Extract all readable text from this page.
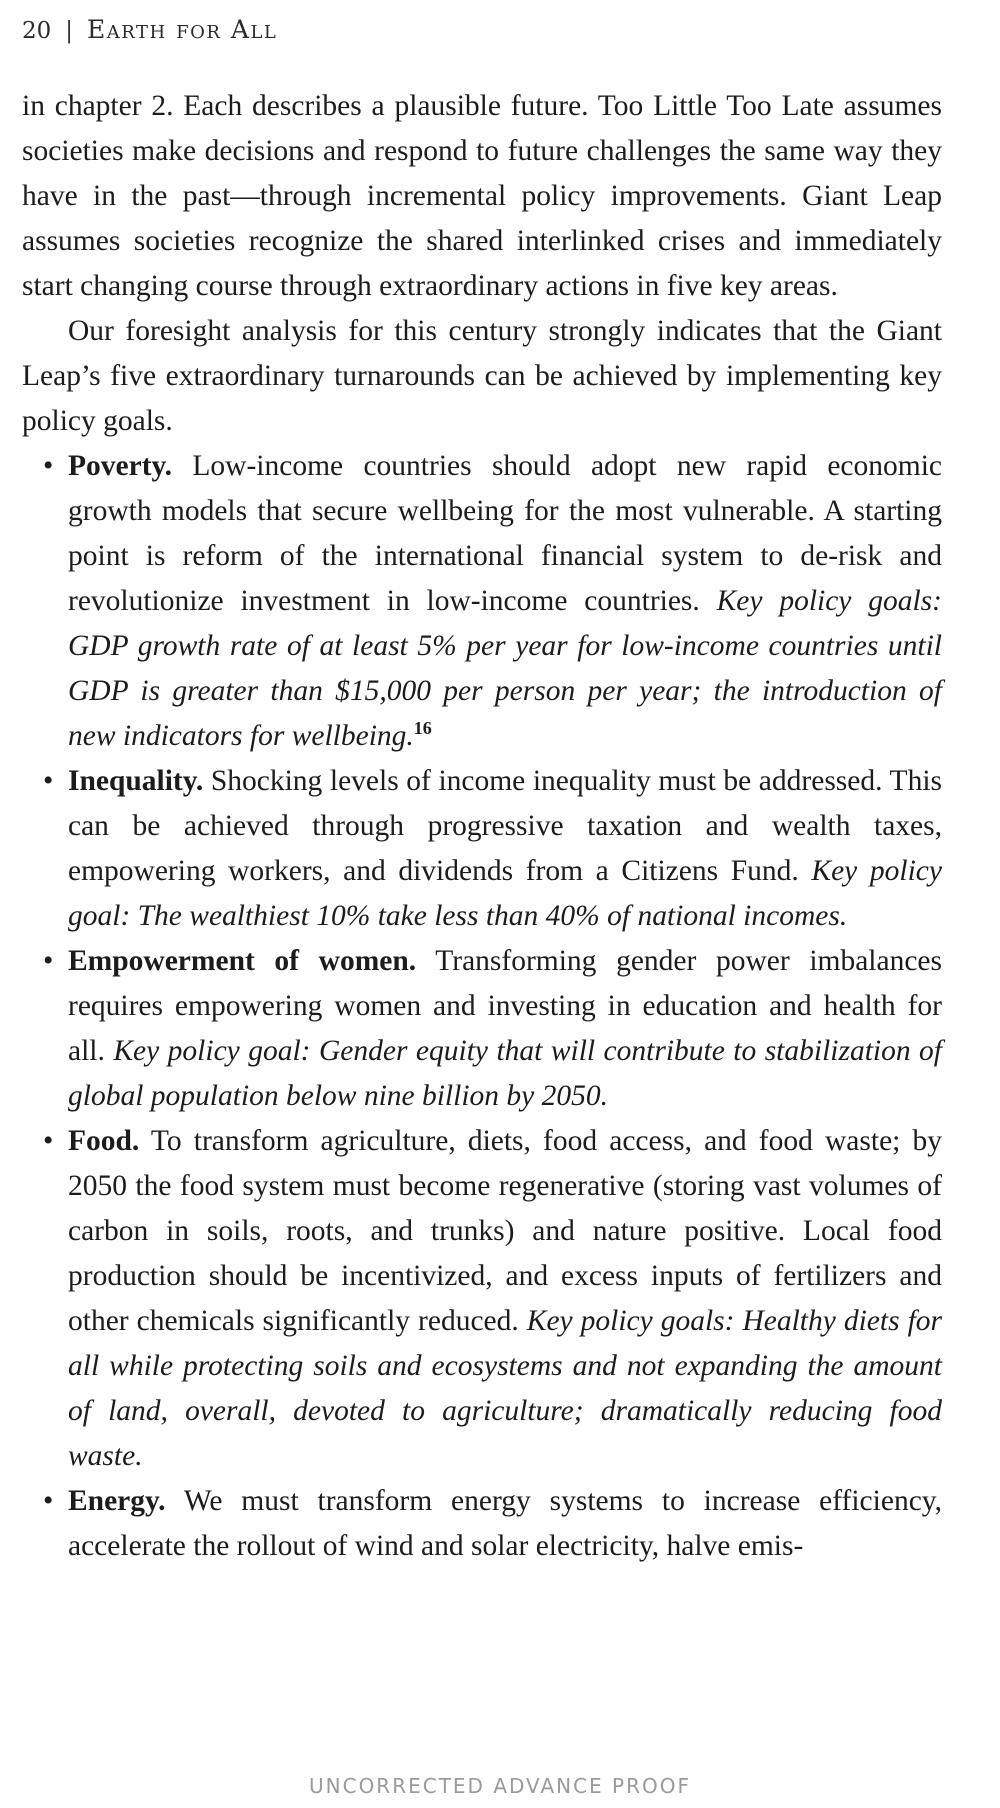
20 | Earth for All

in chapter 2. Each describes a plausible future. Too Little Too Late assumes societies make decisions and respond to future challenges the same way they have in the past—through incremental policy improvements. Giant Leap assumes societies recognize the shared interlinked crises and immediately start changing course through extraordinary actions in five key areas.

Our foresight analysis for this century strongly indicates that the Giant Leap’s five extraordinary turnarounds can be achieved by implementing key policy goals.

• Poverty. Low-income countries should adopt new rapid economic growth models that secure wellbeing for the most vulnerable. A starting point is reform of the international financial system to de-risk and revolutionize investment in low-income countries. Key policy goals: GDP growth rate of at least 5% per year for low-income countries until GDP is greater than $15,000 per person per year; the introduction of new indicators for wellbeing.$^{16}$
• Inequality. Shocking levels of income inequality must be addressed. This can be achieved through progressive taxation and wealth taxes, empowering workers, and dividends from a Citizens Fund. Key policy goal: The wealthiest 10% take less than 40% of national incomes.
• Empowerment of women. Transforming gender power imbalances requires empowering women and investing in education and health for all. Key policy goal: Gender equity that will contribute to stabilization of global population below nine billion by 2050.
• Food. To transform agriculture, diets, food access, and food waste; by 2050 the food system must become regenerative (storing vast volumes of carbon in soils, roots, and trunks) and nature positive. Local food production should be incentivized, and excess inputs of fertilizers and other chemicals significantly reduced. Key policy goals: Healthy diets for all while protecting soils and ecosystems and not expanding the amount of land, overall, devoted to agriculture; dramatically reducing food waste.
• Energy. We must transform energy systems to increase efficiency, accelerate the rollout of wind and solar electricity, halve emis-
UNCORRECTED ADVANCE PROOF
